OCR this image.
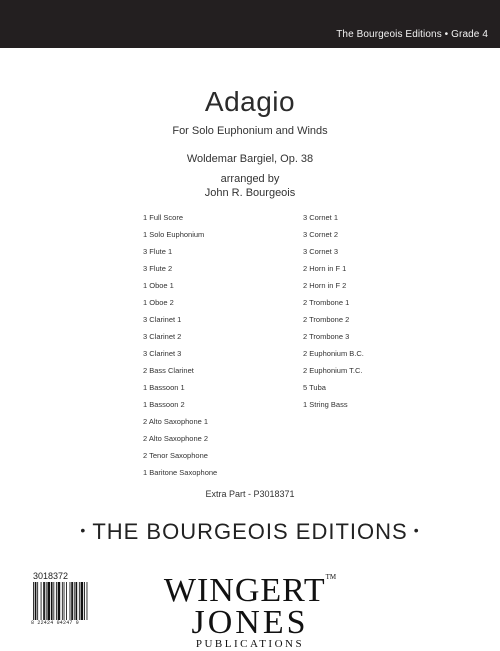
The Bourgeois Editions • Grade 4
Adagio
For Solo Euphonium and Winds
Woldemar Bargiel, Op. 38
arranged by
John R. Bourgeois
1 Full Score
1 Solo Euphonium
3 Flute 1
3 Flute 2
1 Oboe 1
1 Oboe 2
3 Clarinet 1
3 Clarinet 2
3 Clarinet 3
2 Bass Clarinet
1 Bassoon 1
1 Bassoon 2
2 Alto Saxophone 1
2 Alto Saxophone 2
2 Tenor Saxophone
1 Baritone Saxophone
3 Cornet 1
3 Cornet 2
3 Cornet 3
2 Horn in F 1
2 Horn in F 2
2 Trombone 1
2 Trombone 2
2 Trombone 3
2 Euphonium B.C.
2 Euphonium T.C.
5 Tuba
1 String Bass
Extra Part - P3018371
• THE BOURGEOIS EDITIONS •
3018372
8 22424 04247 9
WINGERT™
JONES
PUBLICATIONS
